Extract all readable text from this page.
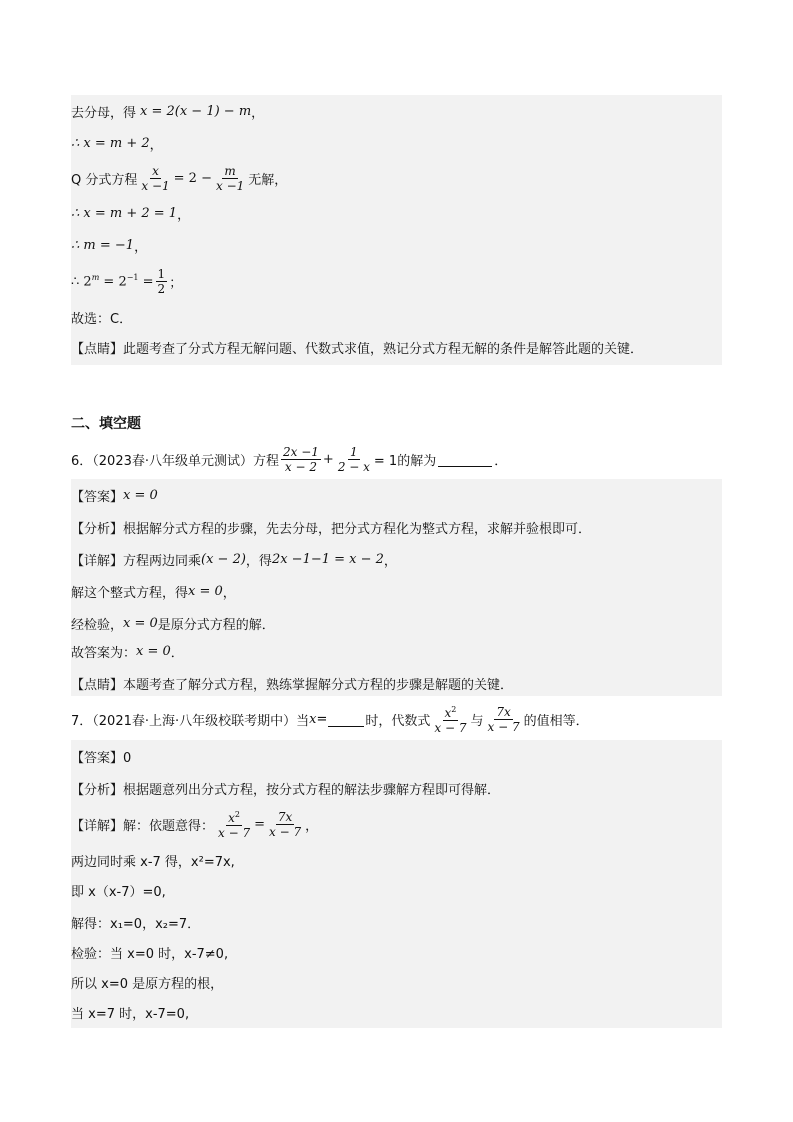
去分母，得 x = 2(x − 1) − m ，
∴ x = m + 2 ，
Q 分式方程 $\frac{x}{x -1} = 2 - \frac{m}{x -1}$ 无解，
∴ x = m + 2 = 1 ，
∴ m = −1 ，
∴ $2^m = 2^{-1} = \frac{1}{2}$ ；
故选：C．
【点睛】此题考查了分式方程无解问题、代数式求值，熟记分式方程无解的条件是解答此题的关键．
二、填空题
6．（2023春·八年级单元测试）方程 $\frac{2x -1}{x - 2} + \frac{1}{2 - x} = 1$的解为	．
【答案】 x = 0
【分析】根据解分式方程的步骤，先去分母，把分式方程化为整式方程，求解并验根即可．
【详解】方程两边同乘 (x − 2) ，得 2x −1−1 = x − 2 ，
解这个整式方程，得 x = 0 ，
经检验， x = 0 是原分式方程的解．
故答案为： x = 0 ．
【点睛】本题考查了解分式方程，熟练掌握解分式方程的步骤是解题的关键．
7．（2021春·上海·八年级校联考期中）当 x =	时，代数式 $\frac{x^2}{x - 7}$ 与 $\frac{7x}{x - 7}$ 的值相等．
【答案】0
【分析】根据题意列出分式方程，按分式方程的解法步骤解方程即可得解．
【详解】解：依题意得： $\frac{x^2}{x - 7} = \frac{7x}{x - 7}$ ，
两边同时乘 x-7 得，x²=7x,
即 x（x-7）=0,
解得：x₁=0，x₂=7．
检验：当 x=0 时，x-7≠0,
所以 x=0 是原方程的根，
当 x=7 时，x-7=0,
